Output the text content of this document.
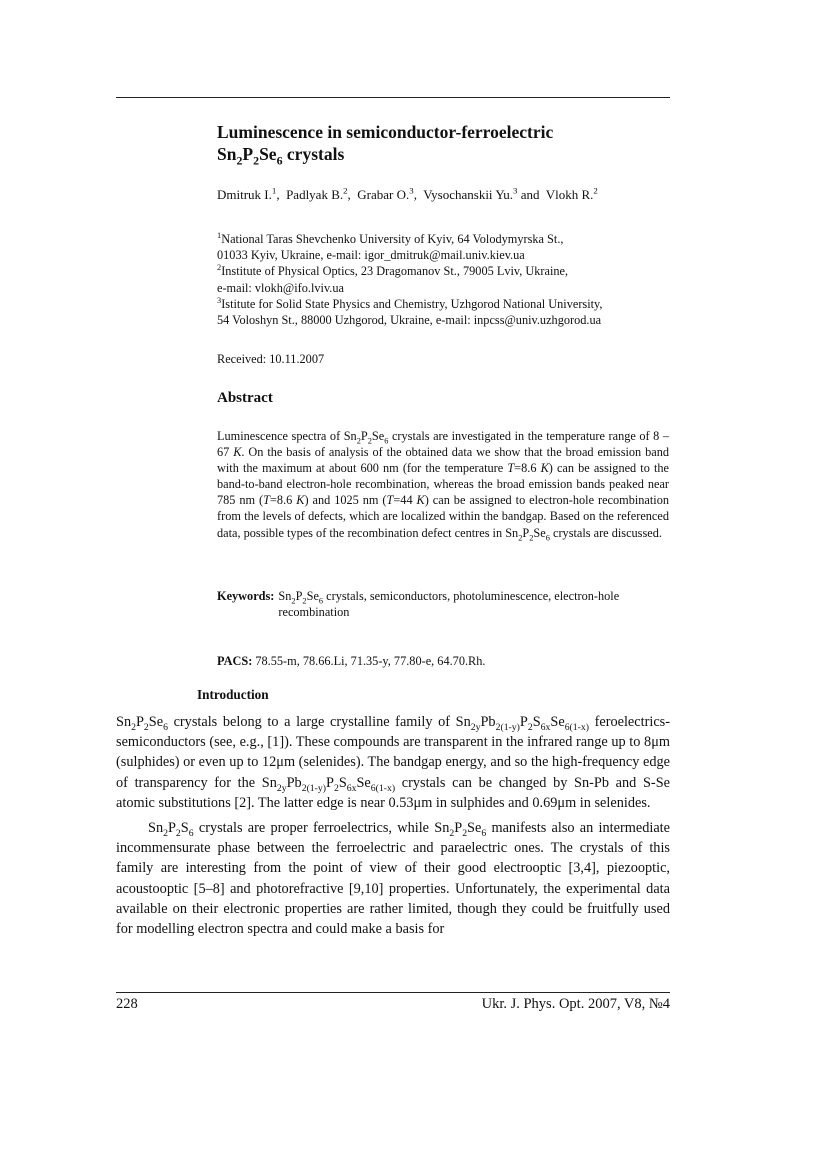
Luminescence in semiconductor-ferroelectric
$Sn_2P_2Se_6$ crystals
Dmitruk I.$^1$,  Padlyak B.$^2$,  Grabar O.$^3$,  Vysochanskii Yu.$^3$ and  Vlokh R.$^2$
$^1$National Taras Shevchenko University of Kyiv, 64 Volodymyrska St.,
01033 Kyiv, Ukraine, e-mail: igor_dmitruk@mail.univ.kiev.ua
$^2$Institute of Physical Optics, 23 Dragomanov St., 79005 Lviv, Ukraine,
e-mail: vlokh@ifo.lviv.ua
$^3$Istitute for Solid State Physics and Chemistry, Uzhgorod National University,
54 Voloshyn St., 88000 Uzhgorod, Ukraine, e-mail: inpcss@univ.uzhgorod.ua
Received: 10.11.2007
Abstract
Luminescence spectra of $Sn_2P_2Se_6$ crystals are investigated in the temperature range of 8 – 67 K. On the basis of analysis of the obtained data we show that the broad emission band with the maximum at about 600 nm (for the temperature T=8.6 K) can be assigned to the band-to-band electron-hole recombination, whereas the broad emission bands peaked near 785 nm (T=8.6 K) and 1025 nm (T=44 K) can be assigned to electron-hole recombination from the levels of defects, which are localized within the bandgap. Based on the referenced data, possible types of the recombination defect centres in $Sn_2P_2Se_6$ crystals are discussed.
Keywords: $Sn_2P_2Se_6$ crystals, semiconductors, photoluminescence, electron-hole recombination
PACS: 78.55-m, 78.66.Li, 71.35-y, 77.80-e, 64.70.Rh.
Introduction

$Sn_2P_2Se_6$ crystals belong to a large crystalline family of $Sn_{2y}Pb_{2(1-y)}P_2S_{6x}Se_{6(1-x)}$ feroelectrics-semiconductors (see, e.g., [1]). These compounds are transparent in the infrared range up to 8μm (sulphides) or even up to 12μm (selenides). The bandgap energy, and so the high-frequency edge of transparency for the $Sn_{2y}Pb_{2(1-y)}P_2S_{6x}Se_{6(1-x)}$ crystals can be changed by Sn-Pb and S-Se atomic substitutions [2]. The latter edge is near 0.53μm in sulphides and 0.69μm in selenides.

$Sn_2P_2S_6$ crystals are proper ferroelectrics, while $Sn_2P_2Se_6$ manifests also an intermediate incommensurate phase between the ferroelectric and paraelectric ones. The crystals of this family are interesting from the point of view of their good electrooptic [3,4], piezooptic, acoustooptic [5–8] and photorefractive [9,10] properties. Unfortunately, the experimental data available on their electronic properties are rather limited, though they could be fruitfully used for modelling electron spectra and could make a basis for

228	Ukr. J. Phys. Opt. 2007, V8, №4
